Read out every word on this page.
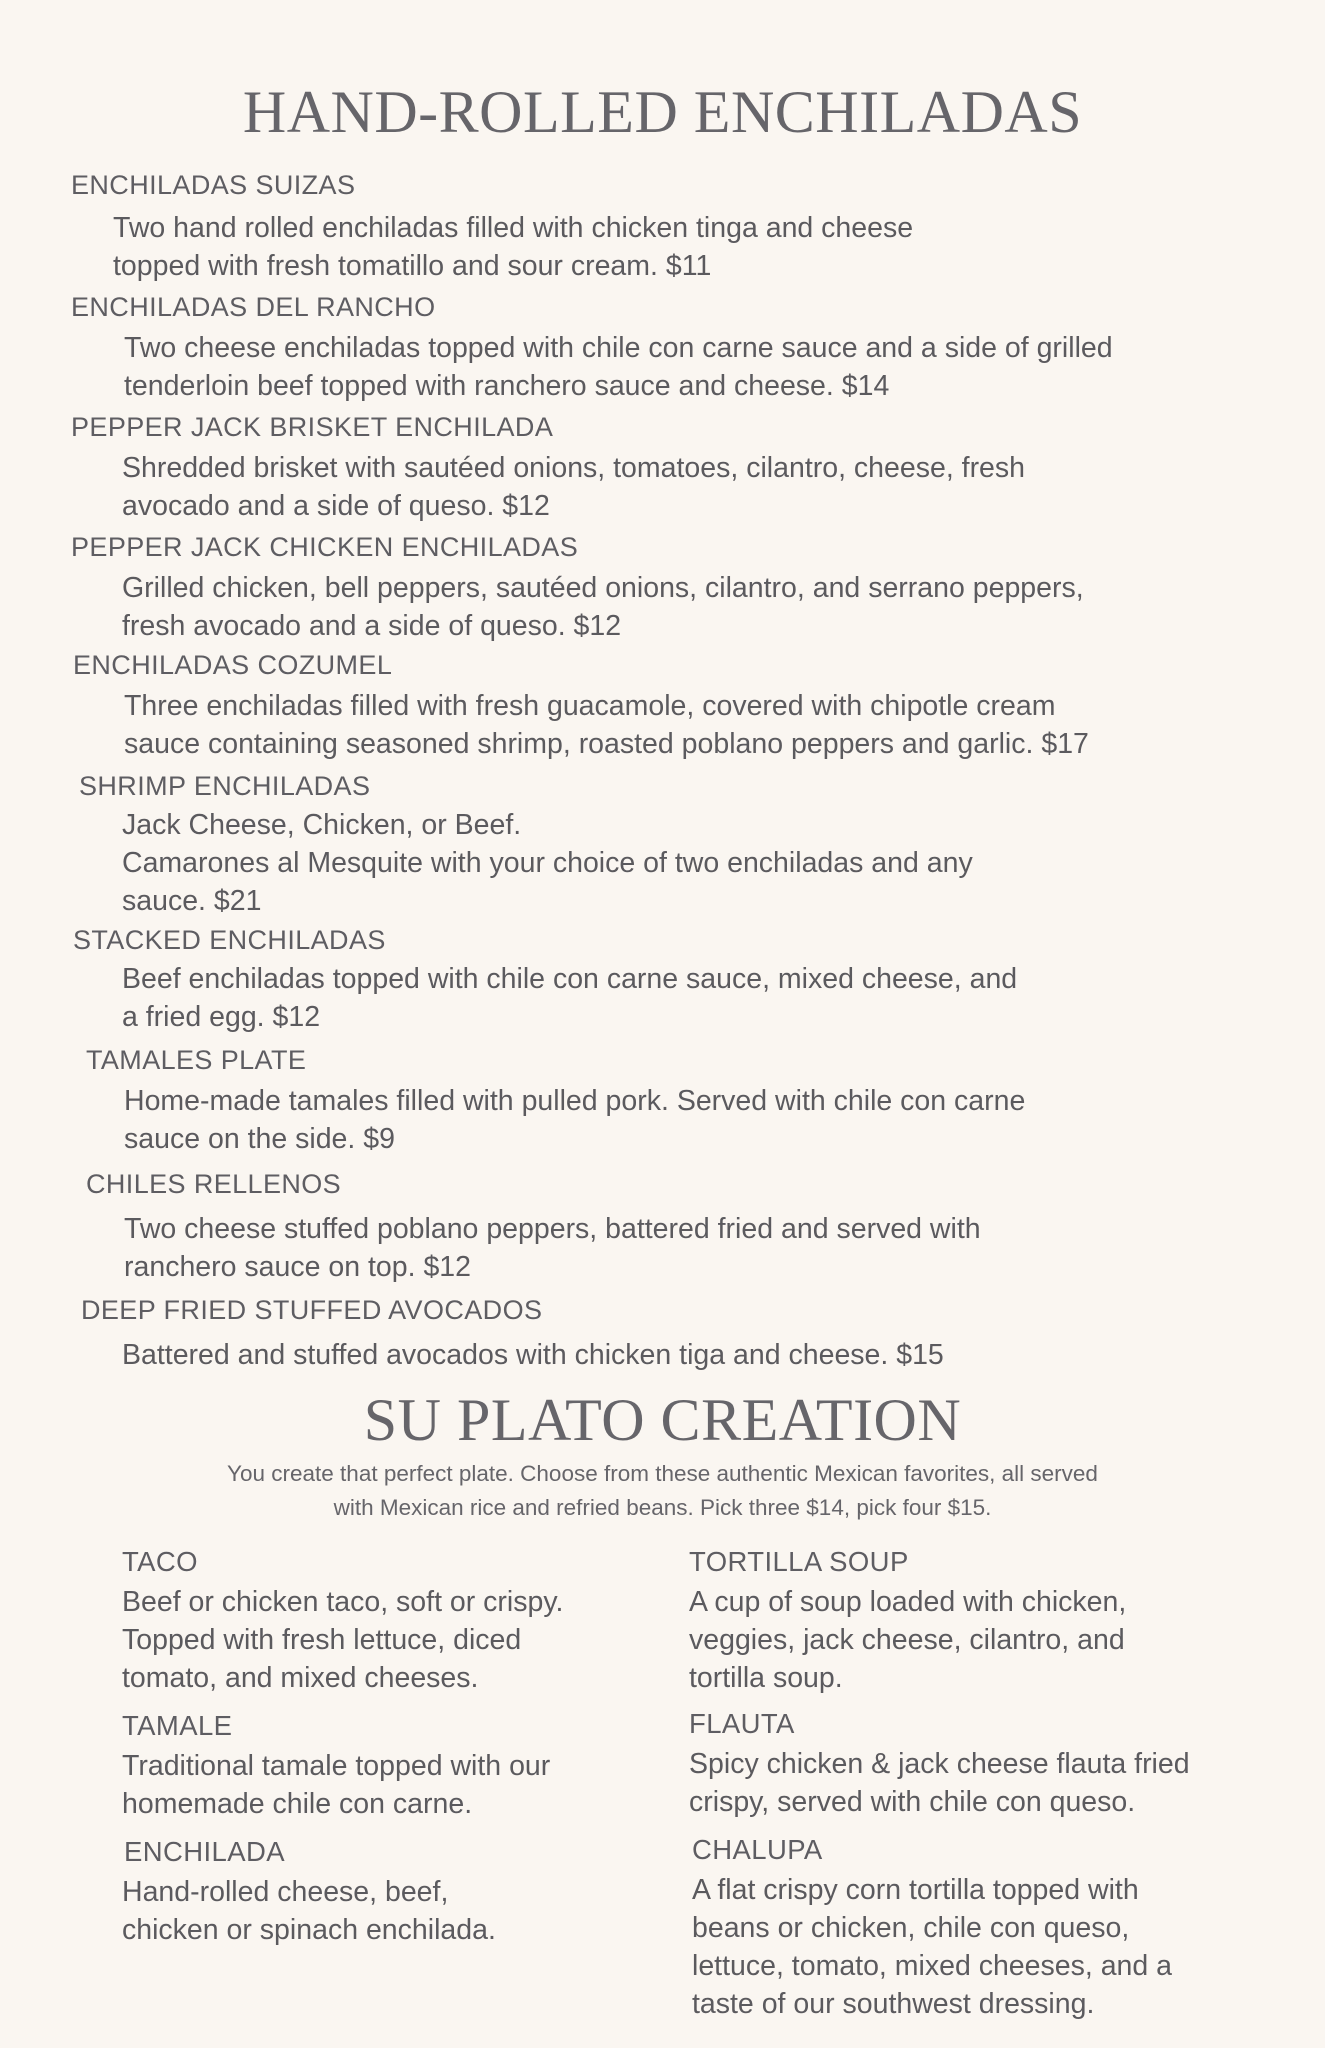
HAND-ROLLED ENCHILADAS
ENCHILADAS SUIZAS
Two hand rolled enchiladas filled with chicken tinga and cheese
topped with fresh tomatillo and sour cream. $11
ENCHILADAS DEL RANCHO
Two cheese enchiladas topped with chile con carne sauce and a side of grilled
tenderloin beef topped with ranchero sauce and cheese. $14
PEPPER JACK BRISKET ENCHILADA
Shredded brisket with sautéed onions, tomatoes, cilantro, cheese, fresh
avocado and a side of queso. $12
PEPPER JACK CHICKEN ENCHILADAS
Grilled chicken, bell peppers, sautéed onions, cilantro, and serrano peppers,
fresh avocado and a side of queso. $12
ENCHILADAS COZUMEL
Three enchiladas filled with fresh guacamole, covered with chipotle cream
sauce containing seasoned shrimp, roasted poblano peppers and garlic. $17
SHRIMP ENCHILADAS
Jack Cheese, Chicken, or Beef.
Camarones al Mesquite with your choice of two enchiladas and any
sauce. $21
STACKED ENCHILADAS
Beef enchiladas topped with chile con carne sauce, mixed cheese, and
a fried egg. $12
TAMALES PLATE
Home-made tamales filled with pulled pork. Served with chile con carne
sauce on the side. $9
CHILES RELLENOS
Two cheese stuffed poblano peppers, battered fried and served with
ranchero sauce on top. $12
DEEP FRIED STUFFED AVOCADOS
Battered and stuffed avocados with chicken tiga and cheese. $15
SU PLATO CREATION
You create that perfect plate. Choose from these authentic Mexican favorites, all served
with Mexican rice and refried beans. Pick three $14, pick four $15.
TACO
Beef or chicken taco, soft or crispy.
Topped with fresh lettuce, diced
tomato, and mixed cheeses.
TAMALE
Traditional tamale topped with our
homemade chile con carne.
ENCHILADA
Hand-rolled cheese, beef,
chicken or spinach enchilada.
TORTILLA SOUP
A cup of soup loaded with chicken,
veggies, jack cheese, cilantro, and
tortilla soup.
FLAUTA
Spicy chicken & jack cheese flauta fried
crispy, served with chile con queso.
CHALUPA
A flat crispy corn tortilla topped with
beans or chicken, chile con queso,
lettuce, tomato, mixed cheeses, and a
taste of our southwest dressing.
